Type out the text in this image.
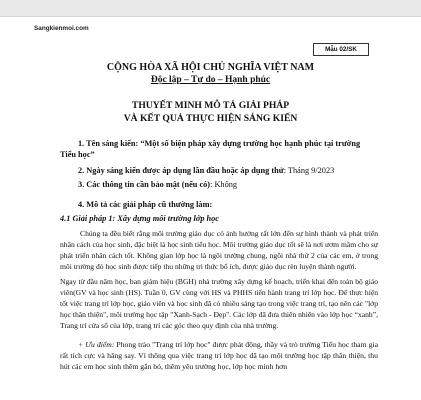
Sangkienmoi.com
Mẫu 02/SK
CỘNG HÒA XÃ HỘI CHỦ NGHĨA VIỆT NAM
Độc lập – Tự do – Hạnh phúc
THUYẾT MINH MÔ TẢ GIẢI PHÁP
VÀ KẾT QUẢ THỰC HIỆN SÁNG KIẾN

1. Tên sáng kiến: “Một số biện pháp xây dựng trường học hạnh phúc tại trường Tiểu học”

2. Ngày sáng kiến được áp dụng lần đầu hoặc áp dụng thử: Tháng 9/2023

3. Các thông tin cần bảo mật (nếu có): Không

4. Mô tả các giải pháp cũ thường làm:

4.1 Giải pháp 1: Xây dựng môi trường lớp học

Chúng ta đều biết rằng môi trường giáo dục có ảnh hưởng rất lớn đến sự hình thành và phát triển nhân cách của học sinh, đặc biệt là học sinh tiểu học. Môi trường giáo dục tốt sẽ là nơi ươm mầm cho sự phát triển nhân cách tốt. Không gian lớp học là ngôi trường chung, ngôi nhà thứ 2 của các em, ở trong môi trường đó học sinh được tiếp thu những tri thức bổ ích, được giáo dục rèn luyện thành người.

Ngay từ đầu năm học, ban giám hiệu (BGH) nhà trường xây dựng kế hoạch, triển khai đến toàn bộ giáo viên(GV và học sinh (HS). Tuần 0, GV cùng với HS và PHHS tiến hành trang trí lớp học. Để thực hiện tốt việc trang trí lớp học, giáo viên và học sinh đã có nhiều sáng tạo trong việc trang trí, tạo nên các "lớp học thân thiện", môi trường học tập "Xanh-Sạch - Đẹp". Các lớp đã đưa thiên nhiên vào lớp học “xanh”, Trang trí cửa sổ của lớp, trang trí các góc theo quy định của nhà trường.

+ Ưu điểm: Phong trào "Trang trí lớp học" được phát động, thầy và trò trường Tiểu học tham gia rất tích cực và hăng say. Vì thông qua việc trang trí lớp học đã tạo môi trường học tập thân thiện, thu hút các em học sinh thêm gắn bó, thêm yêu trường học, lớp học mình hơn
